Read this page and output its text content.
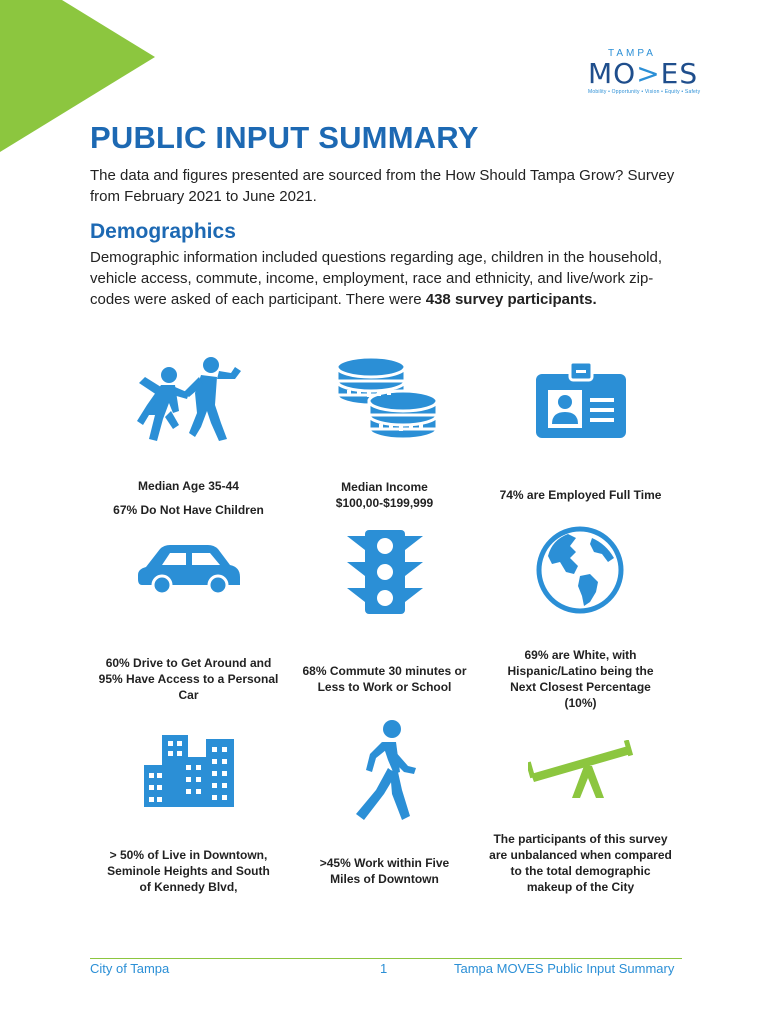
TAMPA
MO>ES
Mobility • Opportunity • Vision • Equity • Safety
PUBLIC INPUT SUMMARY

The data and figures presented are sourced from the How Should Tampa Grow? Survey from February 2021 to June 2021.

Demographics

Demographic information included questions regarding age, children in the household, vehicle access, commute, income, employment, race and ethnicity, and live/work zip-codes were asked of each participant. There were 438 survey participants.

Median Age 35-44
67% Do Not Have Children
Median Income $100,00-$199,999
74% are Employed Full Time
60% Drive to Get Around and 95% Have Access to a Personal Car
68% Commute 30 minutes or Less to Work or School
69% are White, with Hispanic/Latino being the Next Closest Percentage (10%)
> 50% of Live in Downtown, Seminole Heights and South of Kennedy Blvd,
>45% Work within Five Miles of Downtown
The participants of this survey are unbalanced when compared to the total demographic makeup of the City
City of Tampa	1	Tampa MOVES Public Input Summary
